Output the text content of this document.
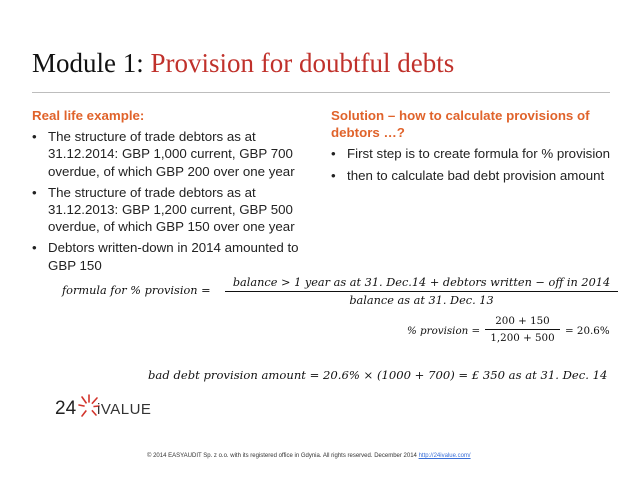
Module 1: Provision for doubtful debts
Real life example:
• The structure of trade debtors as at 31.12.2014: GBP 1,000 current, GBP 700 overdue, of which GBP 200 over one year
• The structure of trade debtors as at 31.12.2013: GBP 1,200 current, GBP 500 overdue, of which GBP 150 over one year
• Debtors written-down in 2014 amounted to GBP 150
Solution – how to calculate provisions of debtors …?
• First step is to create formula for % provision
• then to calculate bad debt provision amount
formula for % provision =
balance > 1 year as at 31. Dec.14 + debtors written − off in 2014
balance as at 31. Dec. 13
% provision =
200 + 150
1,200 + 500
= 20.6%
bad debt provision amount = 20.6% × (1000 + 700) = £ 350 as at 31. Dec. 14
24 iVALUE
© 2014 EASYAUDIT Sp. z o.o. with its registered office in Gdynia. All rights reserved. December 2014 http://24ivalue.com/
